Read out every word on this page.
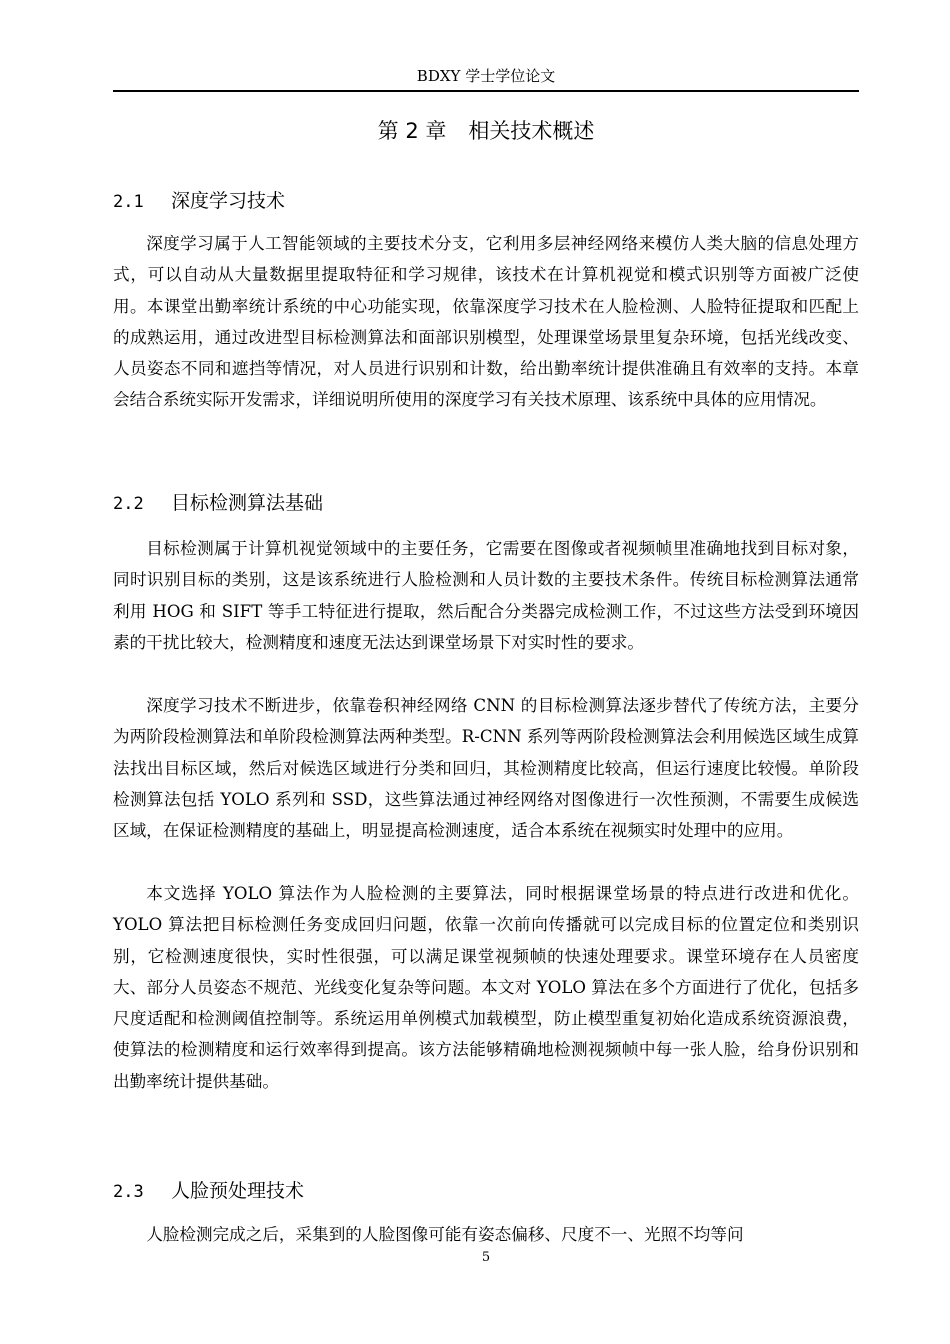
BDXY 学士学位论文
第 2 章 相关技术概述
2.1 深度学习技术

深度学习属于人工智能领域的主要技术分支，它利用多层神经网络来模仿人类大脑的信息处理方式，可以自动从大量数据里提取特征和学习规律，该技术在计算机视觉和模式识别等方面被广泛使用。本课堂出勤率统计系统的中心功能实现，依靠深度学习技术在人脸检测、人脸特征提取和匹配上的成熟运用，通过改进型目标检测算法和面部识别模型，处理课堂场景里复杂环境，包括光线改变、人员姿态不同和遮挡等情况，对人员进行识别和计数，给出勤率统计提供准确且有效率的支持。本章会结合系统实际开发需求，详细说明所使用的深度学习有关技术原理、该系统中具体的应用情况。

2.2 目标检测算法基础

目标检测属于计算机视觉领域中的主要任务，它需要在图像或者视频帧里准确地找到目标对象，同时识别目标的类别，这是该系统进行人脸检测和人员计数的主要技术条件。传统目标检测算法通常利用 HOG 和 SIFT 等手工特征进行提取，然后配合分类器完成检测工作，不过这些方法受到环境因素的干扰比较大，检测精度和速度无法达到课堂场景下对实时性的要求。

深度学习技术不断进步，依靠卷积神经网络 CNN 的目标检测算法逐步替代了传统方法，主要分为两阶段检测算法和单阶段检测算法两种类型。R-CNN 系列等两阶段检测算法会利用候选区域生成算法找出目标区域，然后对候选区域进行分类和回归，其检测精度比较高，但运行速度比较慢。单阶段检测算法包括 YOLO 系列和 SSD，这些算法通过神经网络对图像进行一次性预测，不需要生成候选区域，在保证检测精度的基础上，明显提高检测速度，适合本系统在视频实时处理中的应用。

本文选择 YOLO 算法作为人脸检测的主要算法，同时根据课堂场景的特点进行改进和优化。YOLO 算法把目标检测任务变成回归问题，依靠一次前向传播就可以完成目标的位置定位和类别识别，它检测速度很快，实时性很强，可以满足课堂视频帧的快速处理要求。课堂环境存在人员密度大、部分人员姿态不规范、光线变化复杂等问题。本文对 YOLO 算法在多个方面进行了优化，包括多尺度适配和检测阈值控制等。系统运用单例模式加载模型，防止模型重复初始化造成系统资源浪费，使算法的检测精度和运行效率得到提高。该方法能够精确地检测视频帧中每一张人脸，给身份识别和出勤率统计提供基础。

2.3 人脸预处理技术

人脸检测完成之后，采集到的人脸图像可能有姿态偏移、尺度不一、光照不均等问

5
